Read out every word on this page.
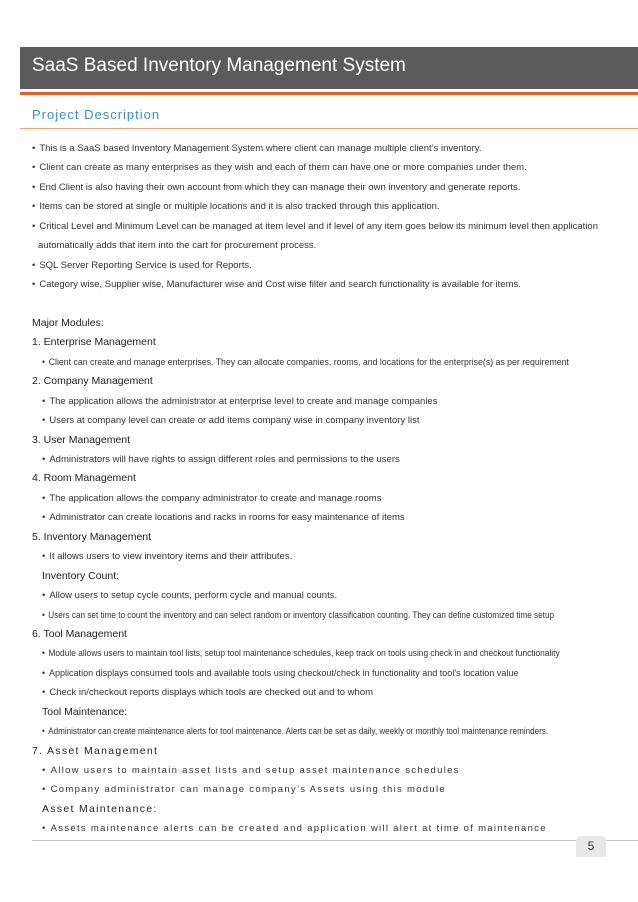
SaaS Based Inventory Management System
Project Description
• This is a SaaS based Inventory Management System where client can manage multiple client’s inventory.
• Client can create as many enterprises as they wish and each of them can have one or more companies under them.
• End Client is also having their own account from which they can manage their own inventory and generate reports.
• Items can be stored at single or multiple locations and it is also tracked through this application.
• Critical Level and Minimum Level can be managed at item level and if level of any item goes below its minimum level then application
automatically adds that item into the cart for procurement process.
• SQL Server Reporting Service is used for Reports.
• Category wise, Supplier wise, Manufacturer wise and Cost wise filter and search functionality is available for items.
Major Modules:
1. Enterprise Management
• Client can create and manage enterprises. They can allocate companies, rooms, and locations for the enterprise(s) as per requirement
2. Company Management
• The application allows the administrator at enterprise level to create and manage companies
• Users at company level can create or add items company wise in company inventory list
3. User Management
• Administrators will have rights to assign different roles and permissions to the users
4. Room Management
• The application allows the company administrator to create and manage rooms
• Administrator can create locations and racks in rooms for easy maintenance of items
5. Inventory Management
• It allows users to view inventory items and their attributes.
Inventory Count:
• Allow users to setup cycle counts, perform cycle and manual counts.
• Users can set time to count the inventory and can select random or inventory classification counting. They can define customized time setup
6. Tool Management
• Module allows users to maintain tool lists, setup tool maintenance schedules, keep track on tools using check in and checkout functionality
• Application displays consumed tools and available tools using checkout/check in functionality and tool’s location value
• Check in/checkout reports displays which tools are checked out and to whom
Tool Maintenance:
• Administrator can create maintenance alerts for tool maintenance. Alerts can be set as daily, weekly or monthly tool maintenance reminders.
7. Asset Management
• Allow users to maintain asset lists and setup asset maintenance schedules
• Company administrator can manage company’s Assets using this module
Asset Maintenance:
• Assets maintenance alerts can be created and application will alert at time of maintenance
5
